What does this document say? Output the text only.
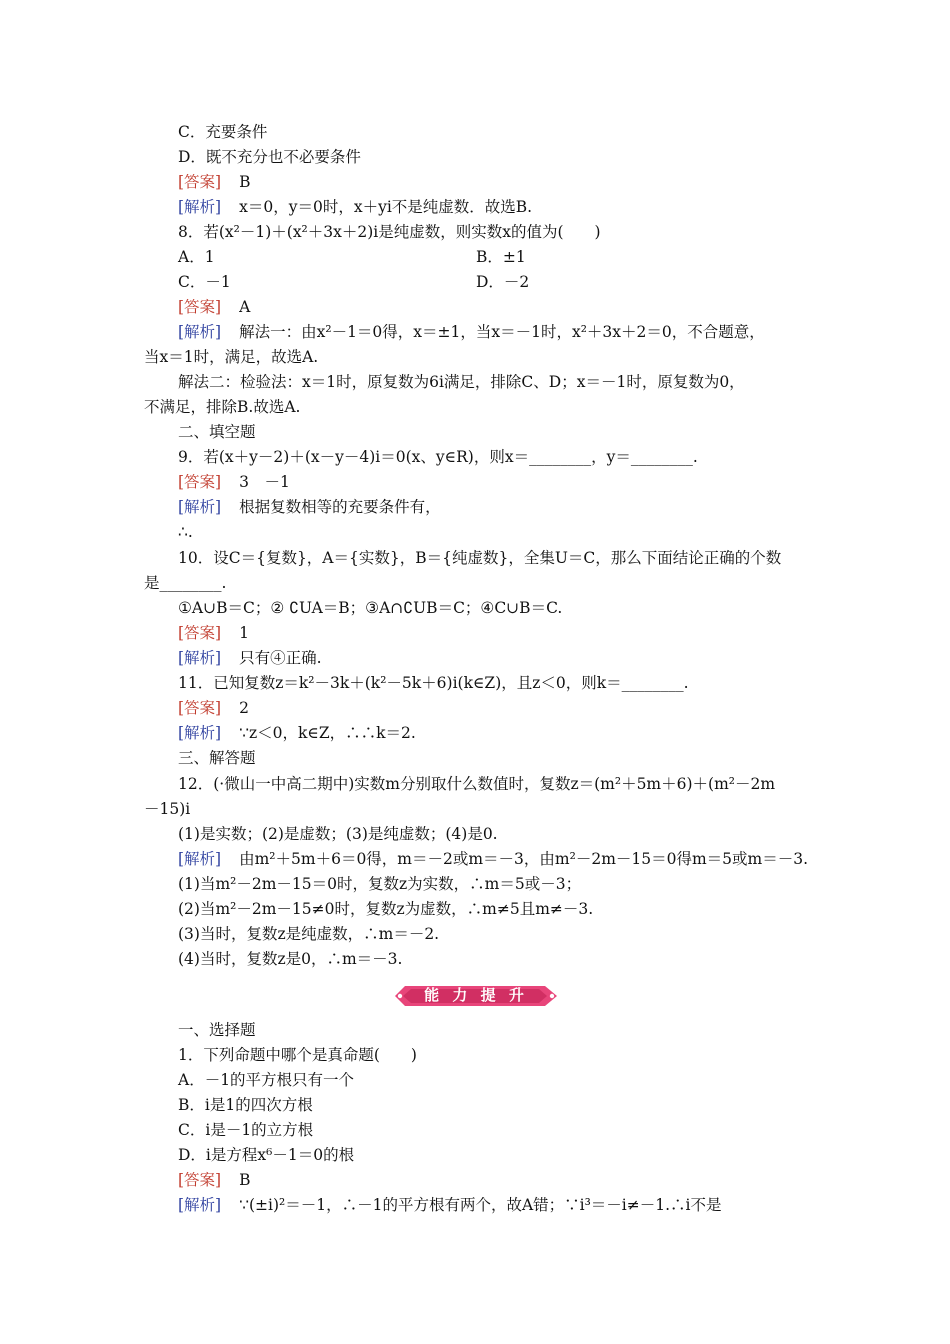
C．充要条件
D．既不充分也不必要条件
[答案] B
[解析] x＝0，y＝0时，x＋yi不是纯虚数．故选B.
8．若(x²－1)＋(x²＋3x＋2)i是纯虚数，则实数x的值为(　　)
A．1	B．±1
C．－1	D．－2
[答案] A
[解析] 解法一：由x²－1＝0得，x＝±1，当x＝－1时，x²＋3x＋2＝0，不合题意，
当x＝1时，满足，故选A.
解法二：检验法：x＝1时，原复数为6i满足，排除C、D；x＝－1时，原复数为0，
不满足，排除B.故选A.
二、填空题
9．若(x＋y－2)＋(x－y－4)i＝0(x、y∈R)，则x＝________，y＝________.
[答案] 3　－1
[解析] 根据复数相等的充要条件有，
∴.
10．设C＝{复数}，A＝{实数}，B＝{纯虚数}，全集U＝C，那么下面结论正确的个数
是________.
①A∪B＝C；② ∁UA＝B；③A∩∁UB＝C；④C∪B＝C.
[答案] 1
[解析] 只有④正确.
11．已知复数z＝k²－3k＋(k²－5k＋6)i(k∈Z)，且z＜0，则k＝________.
[答案] 2
[解析] ∵z＜0，k∈Z，∴∴k＝2.
三、解答题
12．(·微山一中高二期中)实数m分别取什么数值时，复数z＝(m²＋5m＋6)＋(m²－2m
－15)i
(1)是实数；(2)是虚数；(3)是纯虚数；(4)是0.
[解析] 由m²＋5m＋6＝0得，m＝－2或m＝－3，由m²－2m－15＝0得m＝5或m＝－3.
(1)当m²－2m－15＝0时，复数z为实数，∴m＝5或－3；
(2)当m²－2m－15≠0时，复数z为虚数，∴m≠5且m≠－3.
(3)当时，复数z是纯虚数，∴m＝－2.
(4)当时，复数z是0，∴m＝－3.
能 力 提 升
一、选择题
1．下列命题中哪个是真命题(　　)
A．－1的平方根只有一个
B．i是1的四次方根
C．i是－1的立方根
D．i是方程x⁶－1＝0的根
[答案] B
[解析] ∵(±i)²＝－1，∴－1的平方根有两个，故A错；∵i³＝－i≠－1.∴i不是
